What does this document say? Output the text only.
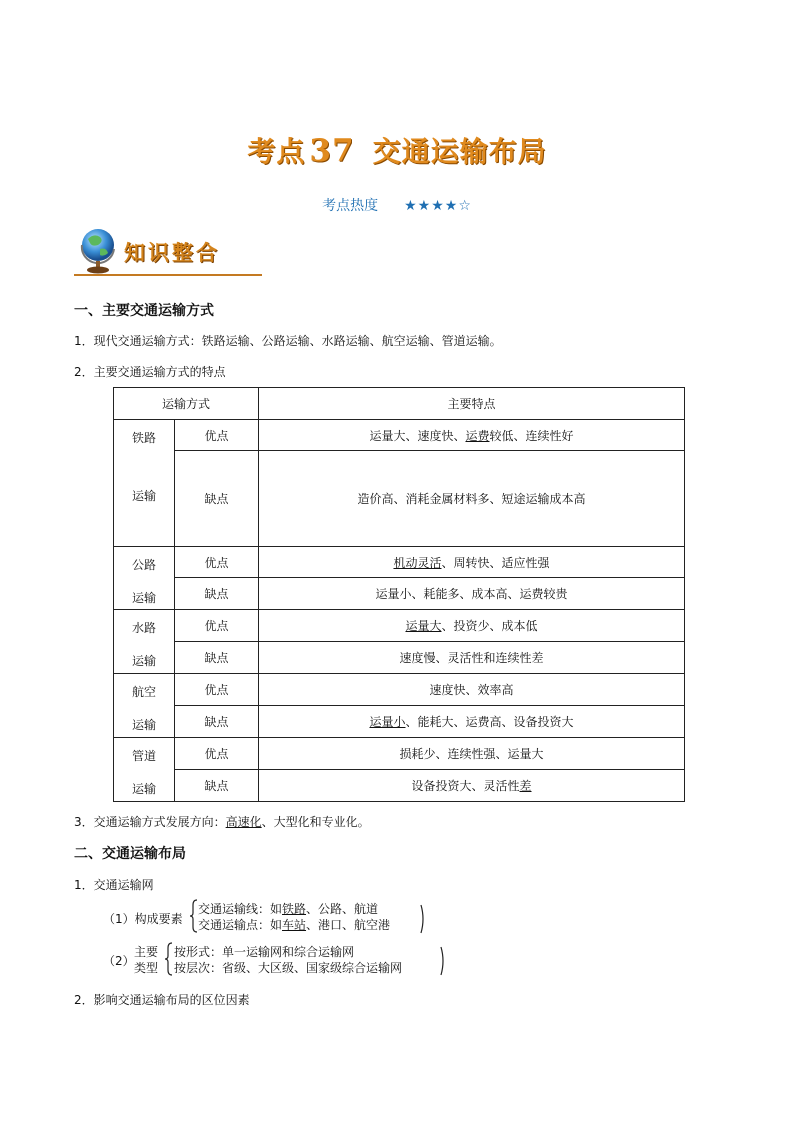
考点 37 交通运输布局
考点热度 ★★★★☆
知识整合
一、主要交通运输方式
1．现代交通运输方式：铁路运输、公路运输、水路运输、航空运输、管道运输。
2．主要交通运输方式的特点
运输方式		主要特点

铁路
运输	优点	运量大、速度快、运费较低、连续性好
	缺点	造价高、消耗金属材料多、短途运输成本高

公路
运输	优点	机动灵活、周转快、适应性强
	缺点	运量小、耗能多、成本高、运费较贵

水路
运输	优点	运量大、投资少、成本低
	缺点	速度慢、灵活性和连续性差

航空
运输	优点	速度快、效率高
	缺点	运量小、能耗大、运费高、设备投资大

管道
运输	优点	损耗少、连续性强、运量大
	缺点	设备投资大、灵活性差
3．交通运输方式发展方向：高速化、大型化和专业化。
二、交通运输布局
1．交通运输网
（1）构成要素
交通运输线：如铁路、公路、航道
交通运输点：如车站、港口、航空港
（2）
主要
类型
按形式：单一运输网和综合运输网
按层次：省级、大区级、国家级综合运输网
2．影响交通运输布局的区位因素
